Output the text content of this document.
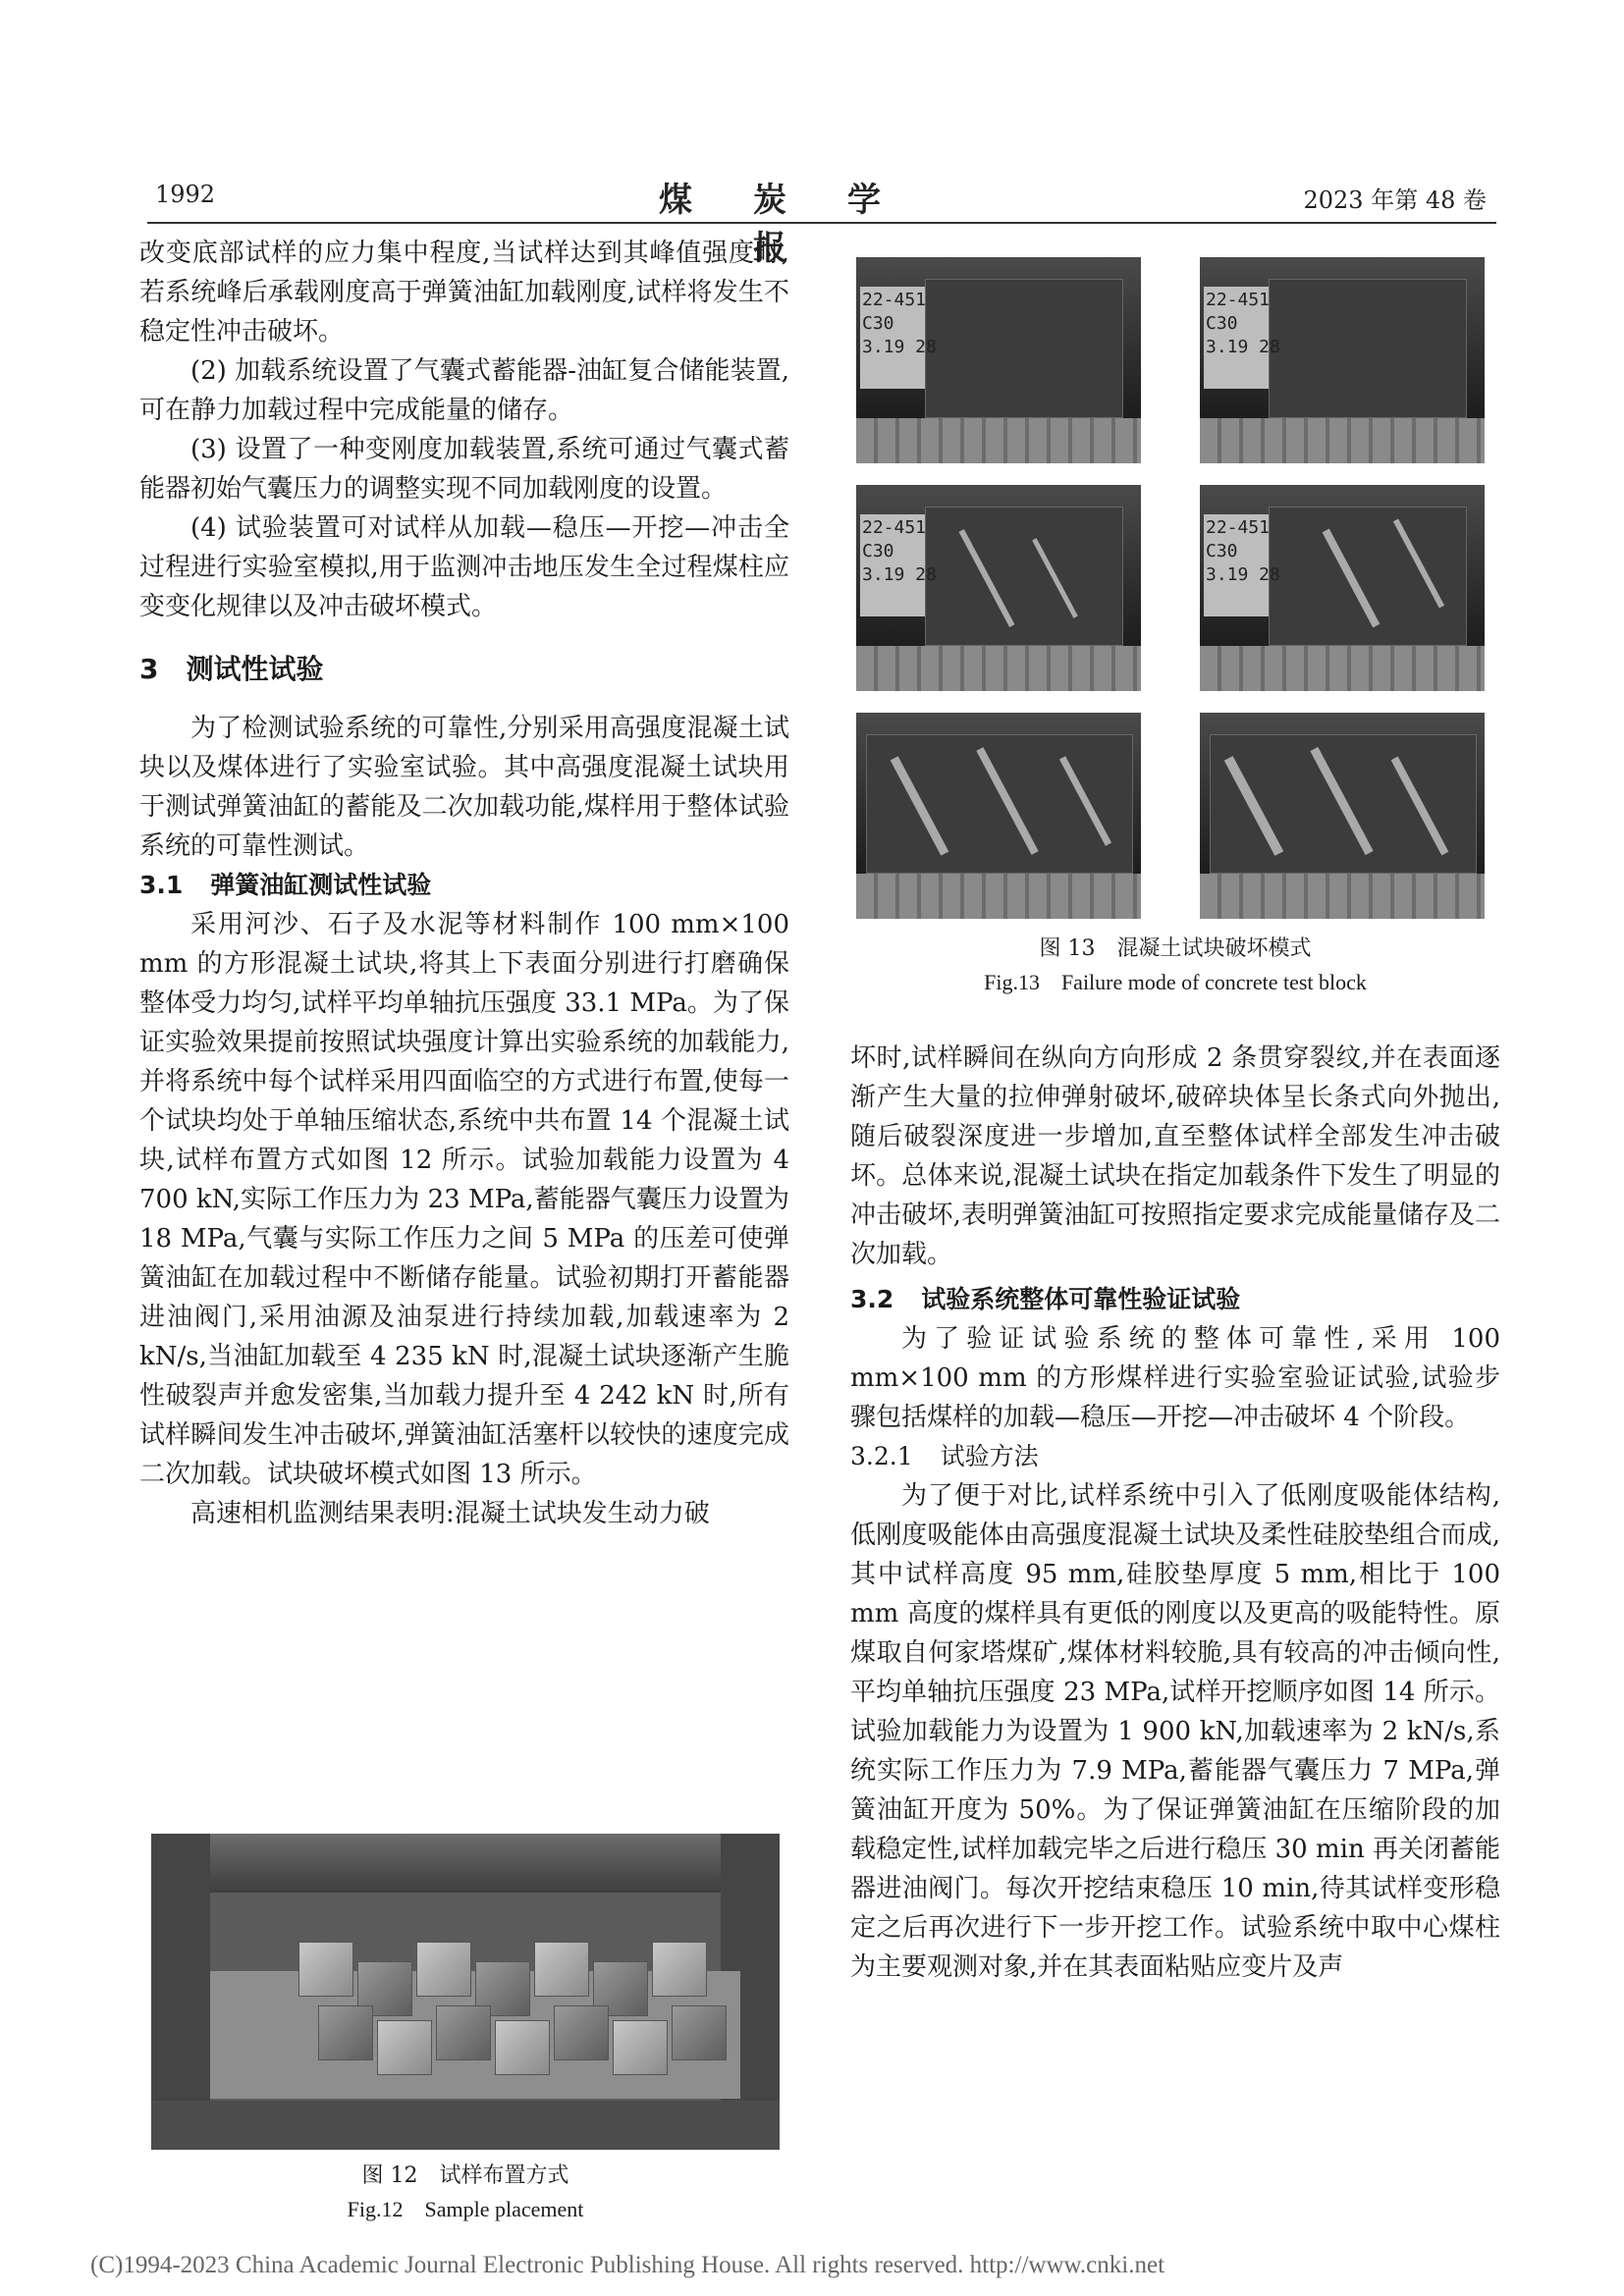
1992	煤炭学报
2023 年第 48 卷

改变底部试样的应力集中程度,当试样达到其峰值强度时,若系统峰后承载刚度高于弹簧油缸加载刚度,试样将发生不稳定性冲击破坏。

(2) 加载系统设置了气囊式蓄能器-油缸复合储能装置,可在静力加载过程中完成能量的储存。

(3) 设置了一种变刚度加载装置,系统可通过气囊式蓄能器初始气囊压力的调整实现不同加载刚度的设置。

(4) 试验装置可对试样从加载—稳压—开挖—冲击全过程进行实验室模拟,用于监测冲击地压发生全过程煤柱应变变化规律以及冲击破坏模式。

3 测试性试验

为了检测试验系统的可靠性,分别采用高强度混凝土试块以及煤体进行了实验室试验。其中高强度混凝土试块用于测试弹簧油缸的蓄能及二次加载功能,煤样用于整体试验系统的可靠性测试。

3.1 弹簧油缸测试性试验

采用河沙、石子及水泥等材料制作 100 mm×100 mm 的方形混凝土试块,将其上下表面分别进行打磨确保整体受力均匀,试样平均单轴抗压强度 33.1 MPa。为了保证实验效果提前按照试块强度计算出实验系统的加载能力,并将系统中每个试样采用四面临空的方式进行布置,使每一个试块均处于单轴压缩状态,系统中共布置 14 个混凝土试块,试样布置方式如图 12 所示。试验加载能力设置为 4 700 kN,实际工作压力为 23 MPa,蓄能器气囊压力设置为 18 MPa,气囊与实际工作压力之间 5 MPa 的压差可使弹簧油缸在加载过程中不断储存能量。试验初期打开蓄能器进油阀门,采用油源及油泵进行持续加载,加载速率为 2 kN/s,当油缸加载至 4 235 kN 时,混凝土试块逐渐产生脆性破裂声并愈发密集,当加载力提升至 4 242 kN 时,所有试样瞬间发生冲击破坏,弹簧油缸活塞杆以较快的速度完成二次加载。试块破坏模式如图 13 所示。

高速相机监测结果表明:混凝土试块发生动力破

22-451
C30
3.19 28
22-451
C30
3.19 28
22-451
C30
3.19 28
22-451
C30
3.19 28
图 13　混凝土试块破坏模式
Fig.13　Failure mode of concrete test block

坏时,试样瞬间在纵向方向形成 2 条贯穿裂纹,并在表面逐渐产生大量的拉伸弹射破坏,破碎块体呈长条式向外抛出,随后破裂深度进一步增加,直至整体试样全部发生冲击破坏。总体来说,混凝土试块在指定加载条件下发生了明显的冲击破坏,表明弹簧油缸可按照指定要求完成能量储存及二次加载。

3.2 试验系统整体可靠性验证试验

为了验证试验系统的整体可靠性,采用 100 mm×100 mm 的方形煤样进行实验室验证试验,试验步骤包括煤样的加载—稳压—开挖—冲击破坏 4 个阶段。

3.2.1 试验方法

为了便于对比,试样系统中引入了低刚度吸能体结构,低刚度吸能体由高强度混凝土试块及柔性硅胶垫组合而成,其中试样高度 95 mm,硅胶垫厚度 5 mm,相比于 100 mm 高度的煤样具有更低的刚度以及更高的吸能特性。原煤取自何家塔煤矿,煤体材料较脆,具有较高的冲击倾向性,平均单轴抗压强度 23 MPa,试样开挖顺序如图 14 所示。试验加载能力为设置为 1 900 kN,加载速率为 2 kN/s,系统实际工作压力为 7.9 MPa,蓄能器气囊压力 7 MPa,弹簧油缸开度为 50%。为了保证弹簧油缸在压缩阶段的加载稳定性,试样加载完毕之后进行稳压 30 min 再关闭蓄能器进油阀门。每次开挖结束稳压 10 min,待其试样变形稳定之后再次进行下一步开挖工作。试验系统中取中心煤柱为主要观测对象,并在其表面粘贴应变片及声

图 12　试样布置方式
Fig.12　Sample placement
(C)1994-2023 China Academic Journal Electronic Publishing House. All rights reserved. http://www.cnki.net
